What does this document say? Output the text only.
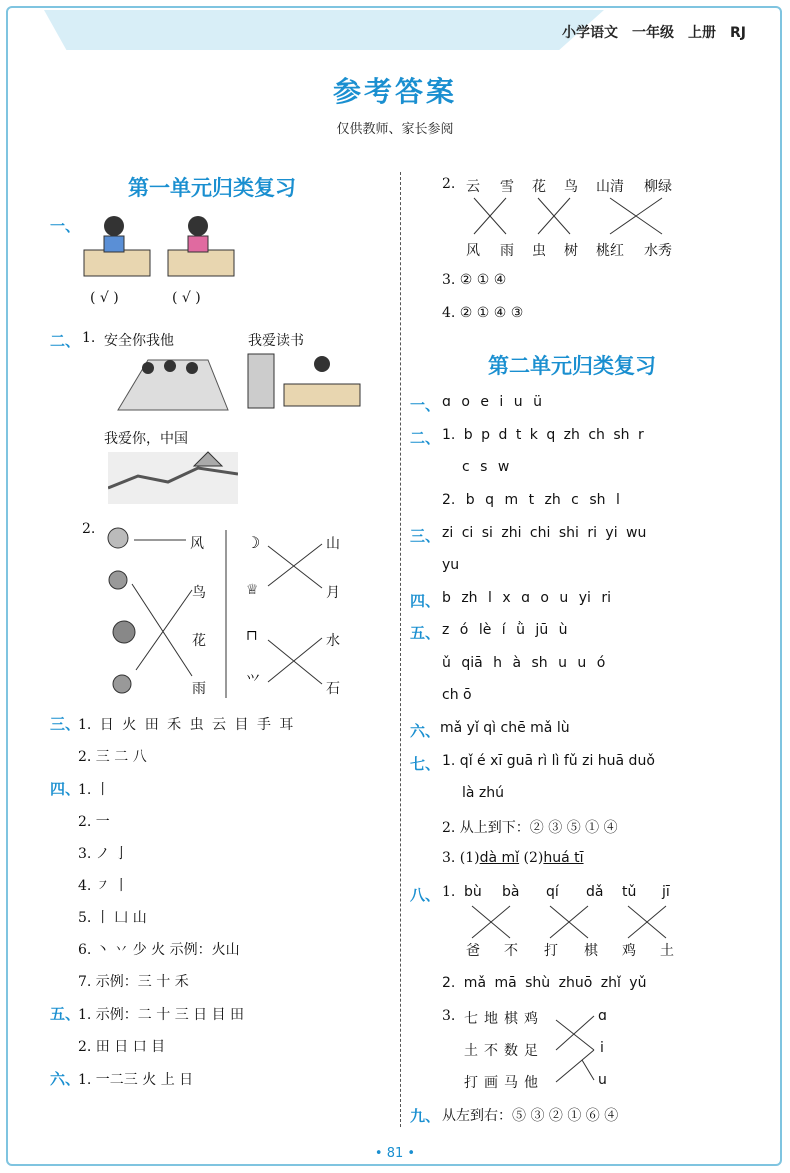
小学语文 一年级 上册 RJ
参考答案
仅供教师、家长参阅
第一单元归类复习
一、
( √ )	( √ )
二、 1. 安全你我他	我爱读书
我爱你，中国
2.
☽
♕
⊓
⺍
风
鸟
花
雨
山
月
水
石
三、
1. 日 火 田 禾 虫 云 目 手 耳
2. 三 二 八
四、
1. 丨
2. 一
3. ノ 亅
4. ㇇ 丨
5. 丨 凵 山
6. 丶 丷 少 火 示例：火山
7. 示例：三 十 禾
五、
1. 示例：二 十 三 日 目 田
2. 田 日 口 目
六、
1. 一二三 火 上 日
2. 云 雪 花 鸟 山清 柳绿
风 雨 虫 树 桃红 水秀
3. ② ① ④
4. ② ① ④ ③
第二单元归类复习
一、 ɑ o e i u ü
二、 1. b p d t k q zh ch sh r
c s w
2. b q m t zh c sh l
三、 zi ci si zhi chi shi ri yi wu
yu
四、 b zh l x ɑ o u yi ri
五、 z ó lè í ǜ jū ù
ǔ qiā h à sh u u ó
ch ō
六、 mǎ yǐ qì chē mǎ lù
七、 1. qǐ é xī guā rì lì fǔ zi huā duǒ
là zhú
2. 从上到下：② ③ ⑤ ① ④
3. (1)dà mǐ (2)huá tī
八、 1. bù bà qí dǎ tǔ jī
爸 不 打 棋 鸡 土
2. mǎ mā shù zhuō zhǐ yǔ
3. 七地棋鸡
土不数足
打画马他
ɑ
i
u
九、 从左到右：⑤ ③ ② ① ⑥ ④
• 81 •
